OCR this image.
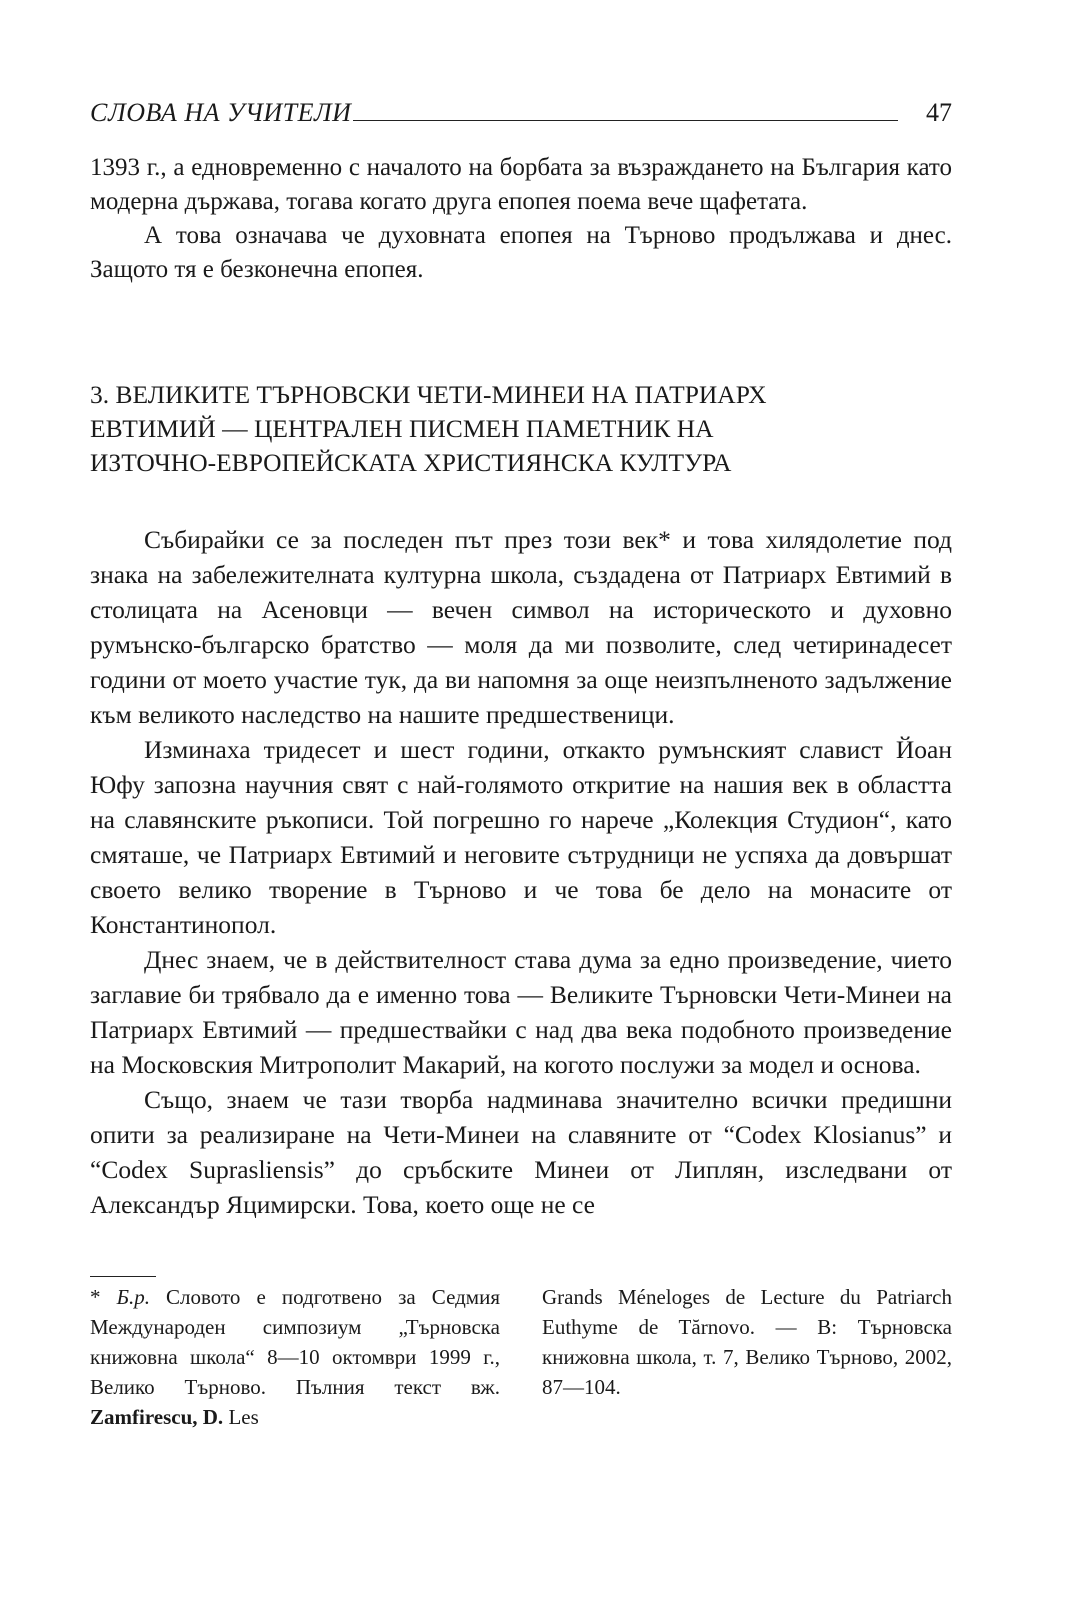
СЛОВА НА УЧИТЕЛИ	47

1393 г., а едновременно с началото на борбата за възраждането на България като модерна държава, тогава когато друга епопея поема вече щафетата.

А това означава че духовната епопея на Търново продължава и днес. Защото тя е безконечна епопея.

3. ВЕЛИКИТЕ ТЪРНОВСКИ ЧЕТИ-МИНЕИ НА ПАТРИАРХ
ЕВТИМИЙ — ЦЕНТРАЛЕН ПИСМЕН ПАМЕТНИК НА
ИЗТОЧНО-ЕВРОПЕЙСКАТА ХРИСТИЯНСКА КУЛТУРА

Събирайки се за последен път през този век* и това хилядолетие под знака на забележителната културна школа, създадена от Патриарх Евтимий в столицата на Асеновци — вечен символ на историческото и духовно румънско-българско братство — моля да ми позволите, след четиринадесет години от моето участие тук, да ви напомня за още неизпълненото задължение към великото наследство на нашите предшественици.

Изминаха тридесет и шест години, откакто румънският славист Йоан Юфу запозна научния свят с най-голямото откритие на нашия век в областта на славянските ръкописи. Той погрешно го нарече „Колекция Студион“, като смяташе, че Патриарх Евтимий и неговите сътрудници не успяха да довършат своето велико творение в Търново и че това бе дело на монасите от Константинопол.

Днес знаем, че в действителност става дума за едно произведение, чието заглавие би трябвало да е именно това — Великите Търновски Чети-Минеи на Патриарх Евтимий — предшествайки с над два века подобното произведение на Московския Митрополит Макарий, на когото послужи за модел и основа.

Също, знаем че тази творба надминава значително всички предишни опити за реализиране на Чети-Минеи на славяните от “Codex Klosianus” и “Codex Suprasliensis” до сръбските Минеи от Липлян, изследвани от Александър Яцимирски. Това, което още не се

* Б.р. Словото е подготвено за Седмия Международен симпозиум „Търновска книжовна школа“ 8—10 октомври 1999 г., Велико Търново. Пълния текст вж. Zamfirescu, D. Les
Grands Méneloges de Lecture du Patriarch Euthyme de Tărnovo. — В: Търновска книжовна школа, т. 7, Велико Търново, 2002, 87—104.
